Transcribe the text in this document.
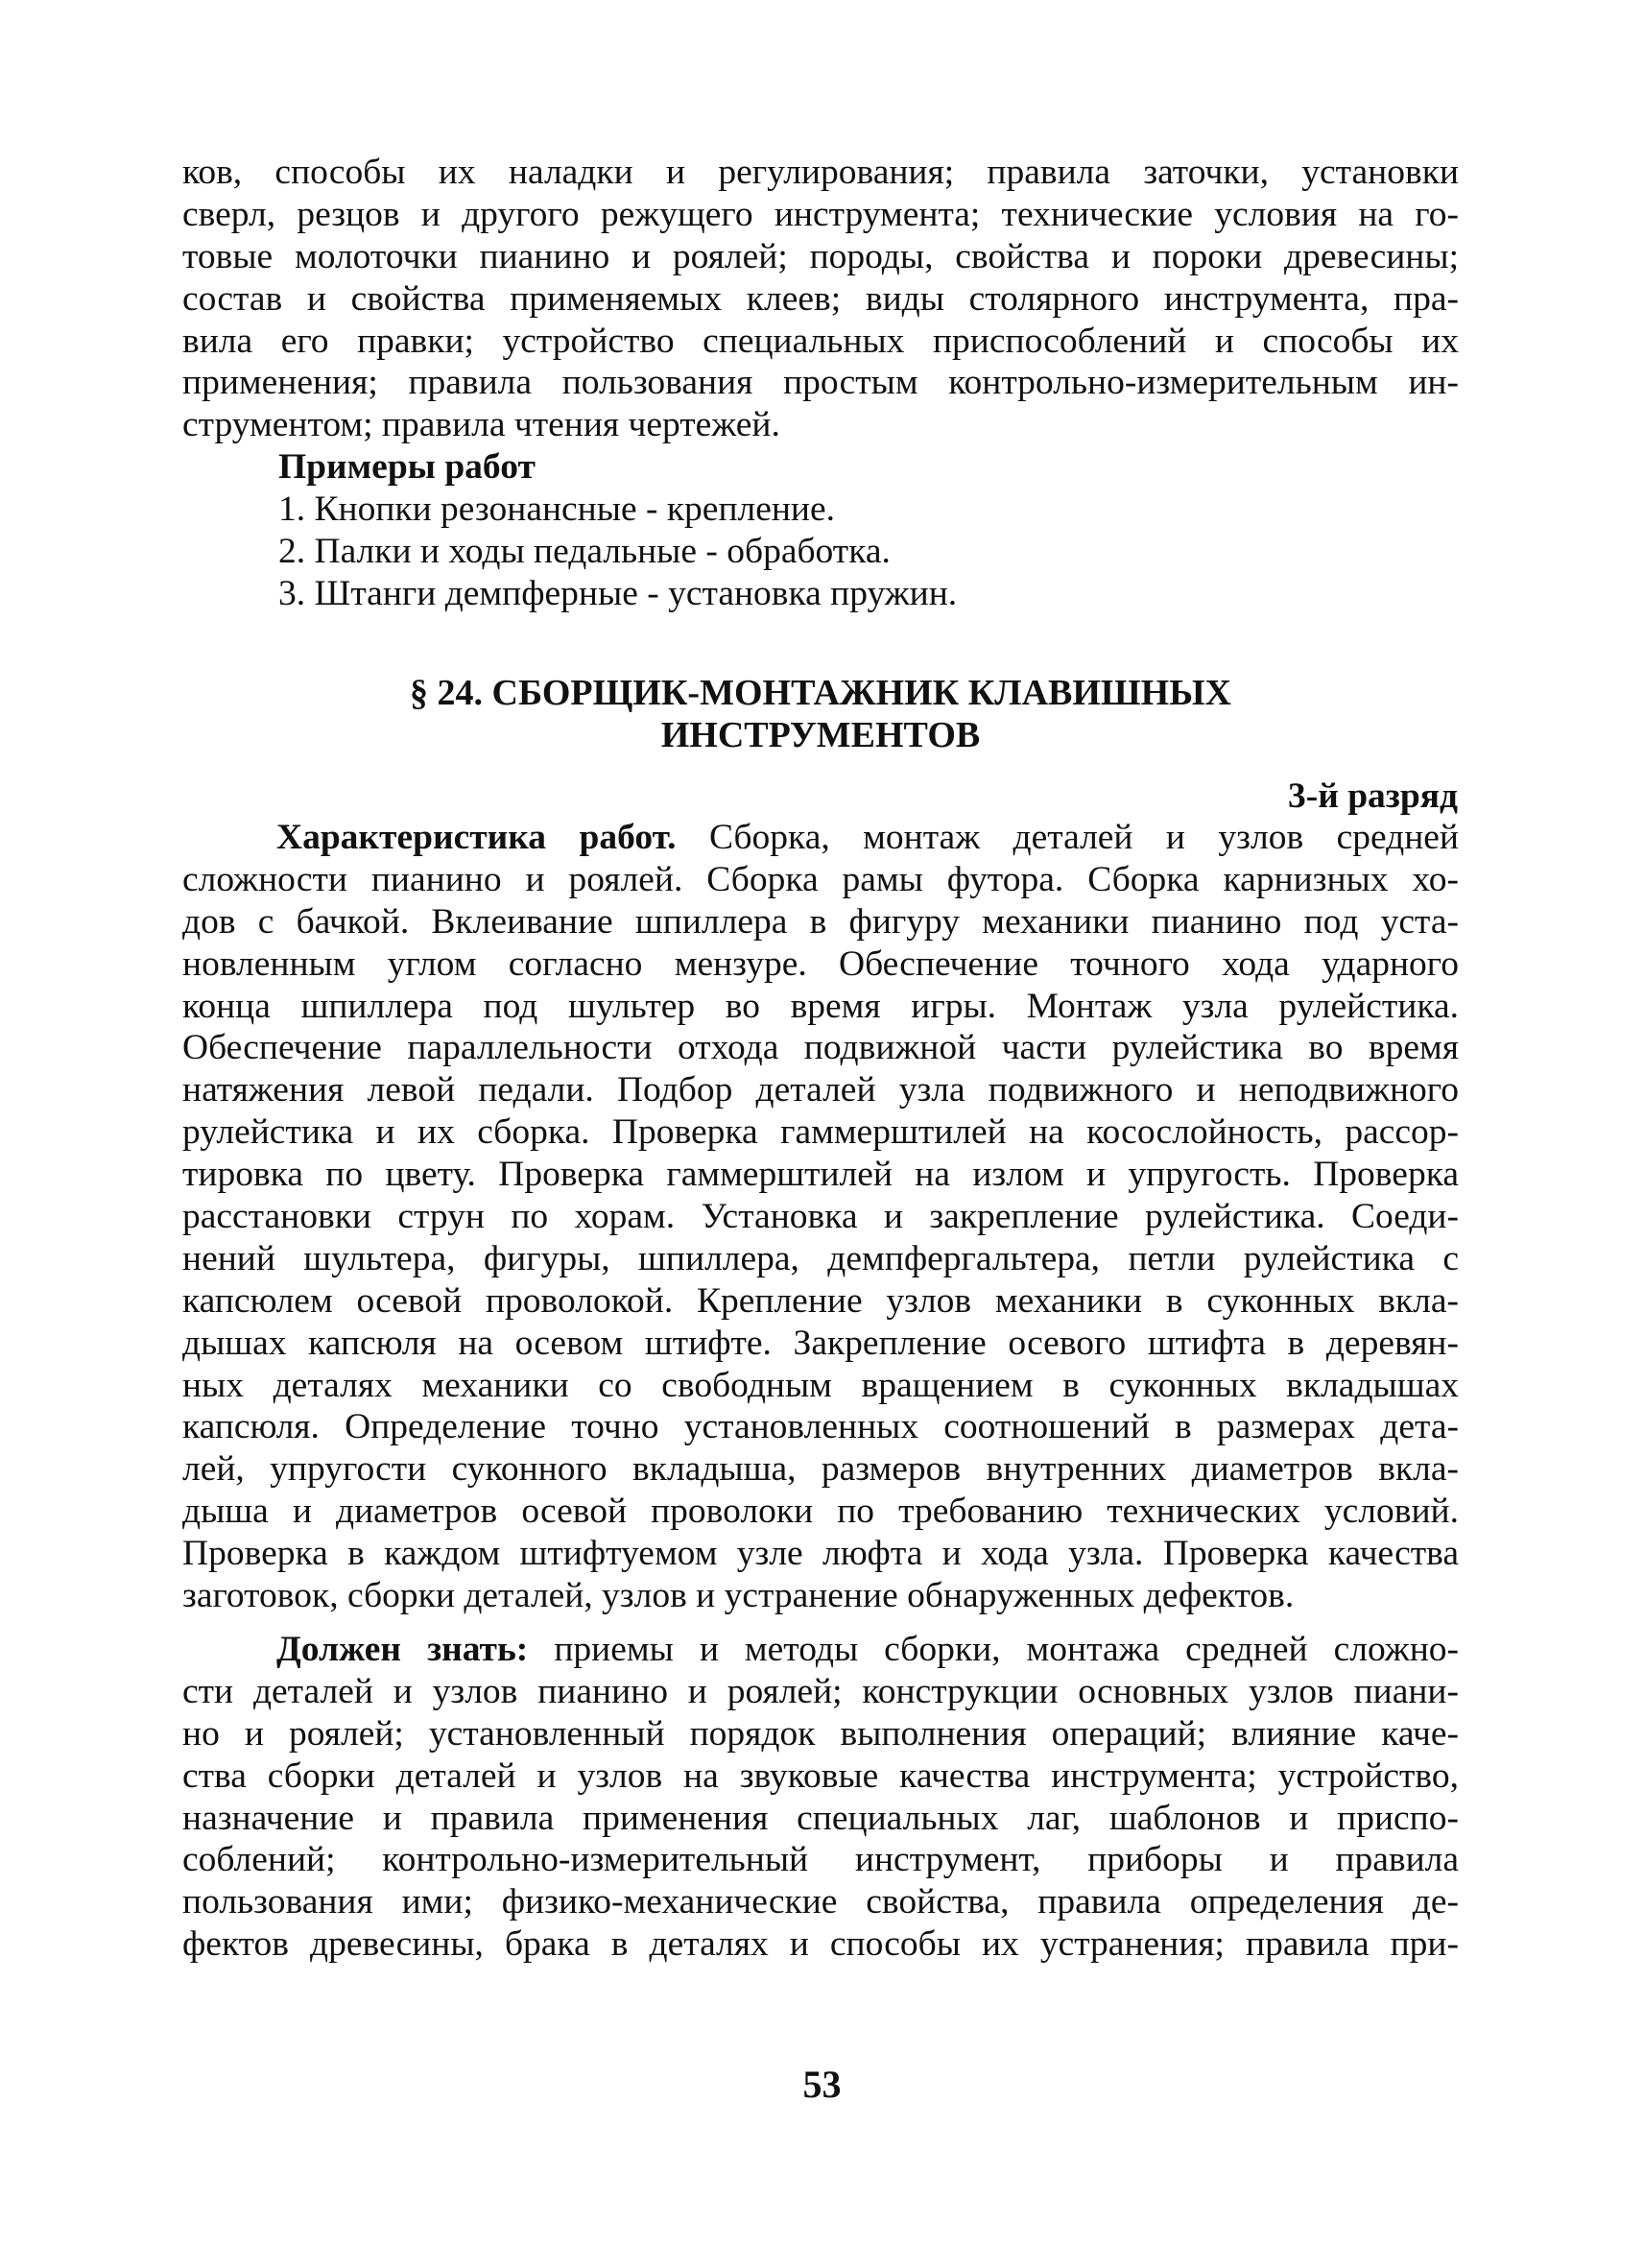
ков, способы их наладки и регулирования; правила заточки, установки
сверл, резцов и другого режущего инструмента; технические условия на го-
товые молоточки пианино и роялей; породы, свойства и пороки древесины;
состав и свойства применяемых клеев; виды столярного инструмента, пра-
вила его правки; устройство специальных приспособлений и способы их
применения; правила пользования простым контрольно-измерительным ин-
струментом; правила чтения чертежей.
Примеры работ
1. Кнопки резонансные - крепление.
2. Палки и ходы педальные - обработка.
3. Штанги демпферные - установка пружин.
§ 24. СБОРЩИК-МОНТАЖНИК КЛАВИШНЫХ
ИНСТРУМЕНТОВ
3-й разряд
Характеристика работ. Сборка, монтаж деталей и узлов средней
сложности пианино и роялей. Сборка рамы футора. Сборка карнизных хо-
дов с бачкой. Вклеивание шпиллера в фигуру механики пианино под уста-
новленным углом согласно мензуре. Обеспечение точного хода ударного
конца шпиллера под шультер во время игры. Монтаж узла рулейстика.
Обеспечение параллельности отхода подвижной части рулейстика во время
натяжения левой педали. Подбор деталей узла подвижного и неподвижного
рулейстика и их сборка. Проверка гаммерштилей на косослойность, рассор-
тировка по цвету. Проверка гаммерштилей на излом и упругость. Проверка
расстановки струн по хорам. Установка и закрепление рулейстика. Соеди-
нений шультера, фигуры, шпиллера, демпфергальтера, петли рулейстика с
капсюлем осевой проволокой. Крепление узлов механики в суконных вкла-
дышах капсюля на осевом штифте. Закрепление осевого штифта в деревян-
ных деталях механики со свободным вращением в суконных вкладышах
капсюля. Определение точно установленных соотношений в размерах дета-
лей, упругости суконного вкладыша, размеров внутренних диаметров вкла-
дыша и диаметров осевой проволоки по требованию технических условий.
Проверка в каждом штифтуемом узле люфта и хода узла. Проверка качества
заготовок, сборки деталей, узлов и устранение обнаруженных дефектов.
Должен знать: приемы и методы сборки, монтажа средней сложно-
сти деталей и узлов пианино и роялей; конструкции основных узлов пиани-
но и роялей; установленный порядок выполнения операций; влияние каче-
ства сборки деталей и узлов на звуковые качества инструмента; устройство,
назначение и правила применения специальных лаг, шаблонов и приспо-
соблений; контрольно-измерительный инструмент, приборы и правила
пользования ими; физико-механические свойства, правила определения де-
фектов древесины, брака в деталях и способы их устранения; правила при-
53
